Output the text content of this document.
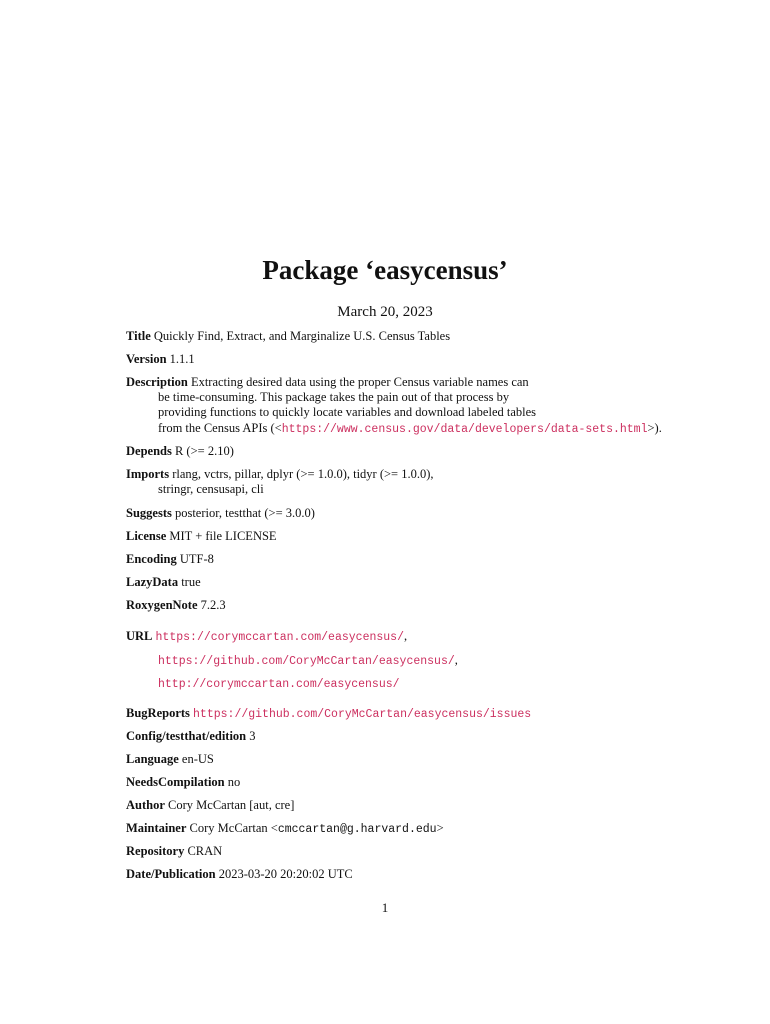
Package ‘easycensus’
March 20, 2023
Title Quickly Find, Extract, and Marginalize U.S. Census Tables
Version 1.1.1
Description Extracting desired data using the proper Census variable names can
be time-consuming. This package takes the pain out of that process by
providing functions to quickly locate variables and download labeled tables
from the Census APIs (<https://www.census.gov/data/developers/data-sets.html>).
Depends R (>= 2.10)
Imports rlang, vctrs, pillar, dplyr (>= 1.0.0), tidyr (>= 1.0.0),
stringr, censusapi, cli
Suggests posterior, testthat (>= 3.0.0)
License MIT + file LICENSE
Encoding UTF-8
LazyData true
RoxygenNote 7.2.3
URL https://corymccartan.com/easycensus/,
https://github.com/CoryMcCartan/easycensus/,
http://corymccartan.com/easycensus/
BugReports https://github.com/CoryMcCartan/easycensus/issues
Config/testthat/edition 3
Language en-US
NeedsCompilation no
Author Cory McCartan [aut, cre]
Maintainer Cory McCartan <cmccartan@g.harvard.edu>
Repository CRAN
Date/Publication 2023-03-20 20:20:02 UTC
1
